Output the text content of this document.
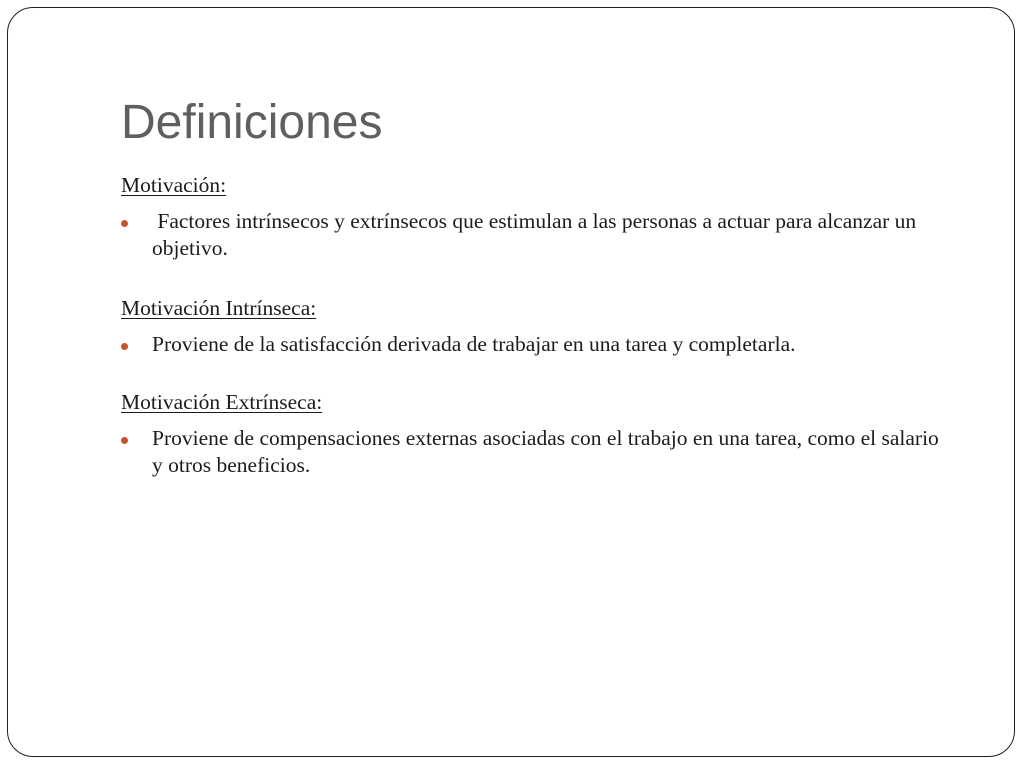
Definiciones

Motivación:

Factores intrínsecos y extrínsecos que estimulan a las personas a actuar para alcanzar un objetivo.

Motivación Intrínseca:

Proviene de la satisfacción derivada de trabajar en una tarea y completarla.

Motivación Extrínseca:

Proviene de compensaciones externas asociadas con el trabajo en una tarea, como el salario y otros beneficios.
